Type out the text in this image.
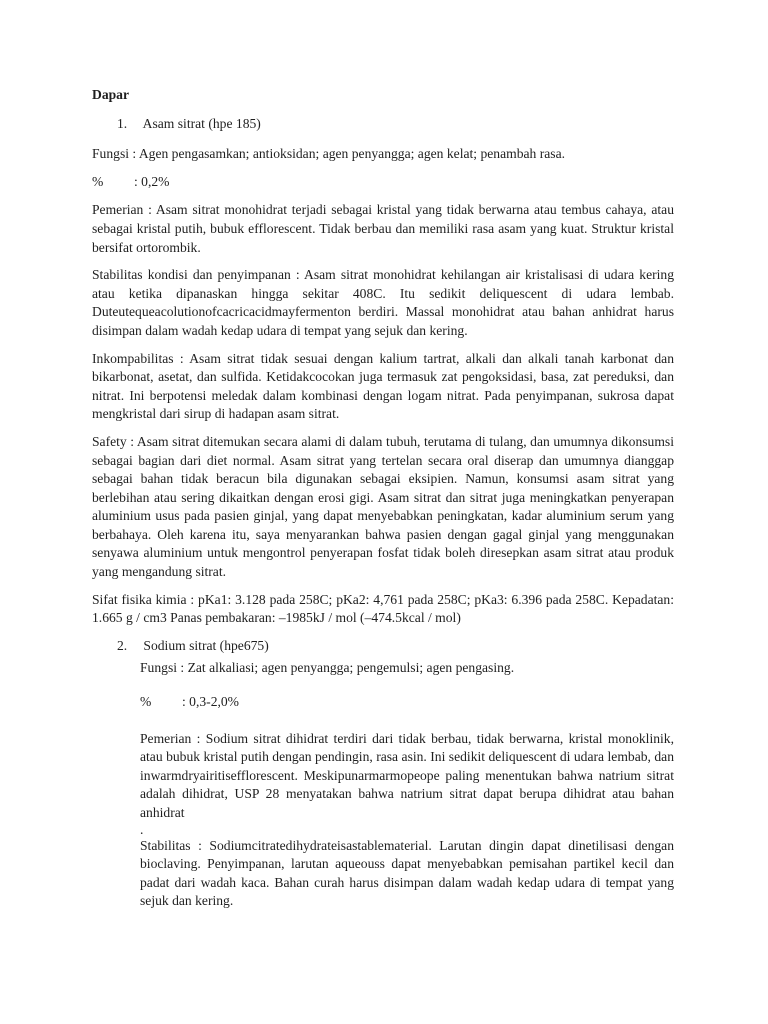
Dapar
1. Asam sitrat (hpe 185)

Fungsi : Agen pengasamkan; antioksidan; agen penyangga; agen kelat; penambah rasa.

% : 0,2%

Pemerian : Asam sitrat monohidrat terjadi sebagai kristal yang tidak berwarna atau tembus cahaya, atau sebagai kristal putih, bubuk efflorescent. Tidak berbau dan memiliki rasa asam yang kuat. Struktur kristal bersifat ortorombik.

Stabilitas kondisi dan penyimpanan : Asam sitrat monohidrat kehilangan air kristalisasi di udara kering atau ketika dipanaskan hingga sekitar 408C. Itu sedikit deliquescent di udara lembab. Duteutequeacolutionofcacricacidmayfermenton berdiri. Massal monohidrat atau bahan anhidrat harus disimpan dalam wadah kedap udara di tempat yang sejuk dan kering.

Inkompabilitas : Asam sitrat tidak sesuai dengan kalium tartrat, alkali dan alkali tanah karbonat dan bikarbonat, asetat, dan sulfida. Ketidakcocokan juga termasuk zat pengoksidasi, basa, zat pereduksi, dan nitrat. Ini berpotensi meledak dalam kombinasi dengan logam nitrat. Pada penyimpanan, sukrosa dapat mengkristal dari sirup di hadapan asam sitrat.

Safety : Asam sitrat ditemukan secara alami di dalam tubuh, terutama di tulang, dan umumnya dikonsumsi sebagai bagian dari diet normal. Asam sitrat yang tertelan secara oral diserap dan umumnya dianggap sebagai bahan tidak beracun bila digunakan sebagai eksipien. Namun, konsumsi asam sitrat yang berlebihan atau sering dikaitkan dengan erosi gigi. Asam sitrat dan sitrat juga meningkatkan penyerapan aluminium usus pada pasien ginjal, yang dapat menyebabkan peningkatan, kadar aluminium serum yang berbahaya. Oleh karena itu, saya menyarankan bahwa pasien dengan gagal ginjal yang menggunakan senyawa aluminium untuk mengontrol penyerapan fosfat tidak boleh diresepkan asam sitrat atau produk yang mengandung sitrat.

Sifat fisika kimia : pKa1: 3.128 pada 258C; pKa2: 4,761 pada 258C; pKa3: 6.396 pada 258C. Kepadatan: 1.665 g / cm3 Panas pembakaran: –1985kJ / mol (–474.5kcal / mol)

2. Sodium sitrat (hpe675)

Fungsi : Zat alkaliasi; agen penyangga; pengemulsi; agen pengasing.

% : 0,3-2,0%

Pemerian : Sodium sitrat dihidrat terdiri dari tidak berbau, tidak berwarna, kristal monoklinik, atau bubuk kristal putih dengan pendingin, rasa asin. Ini sedikit deliquescent di udara lembab, dan inwarmdryairitisefflorescent. Meskipunarmarmopeope paling menentukan bahwa natrium sitrat adalah dihidrat, USP 28 menyatakan bahwa natrium sitrat dapat berupa dihidrat atau bahan anhidrat

.

Stabilitas : Sodiumcitratedihydrateisastablematerial. Larutan dingin dapat dinetilisasi dengan bioclaving. Penyimpanan, larutan aqueouss dapat menyebabkan pemisahan partikel kecil dan padat dari wadah kaca. Bahan curah harus disimpan dalam wadah kedap udara di tempat yang sejuk dan kering.
